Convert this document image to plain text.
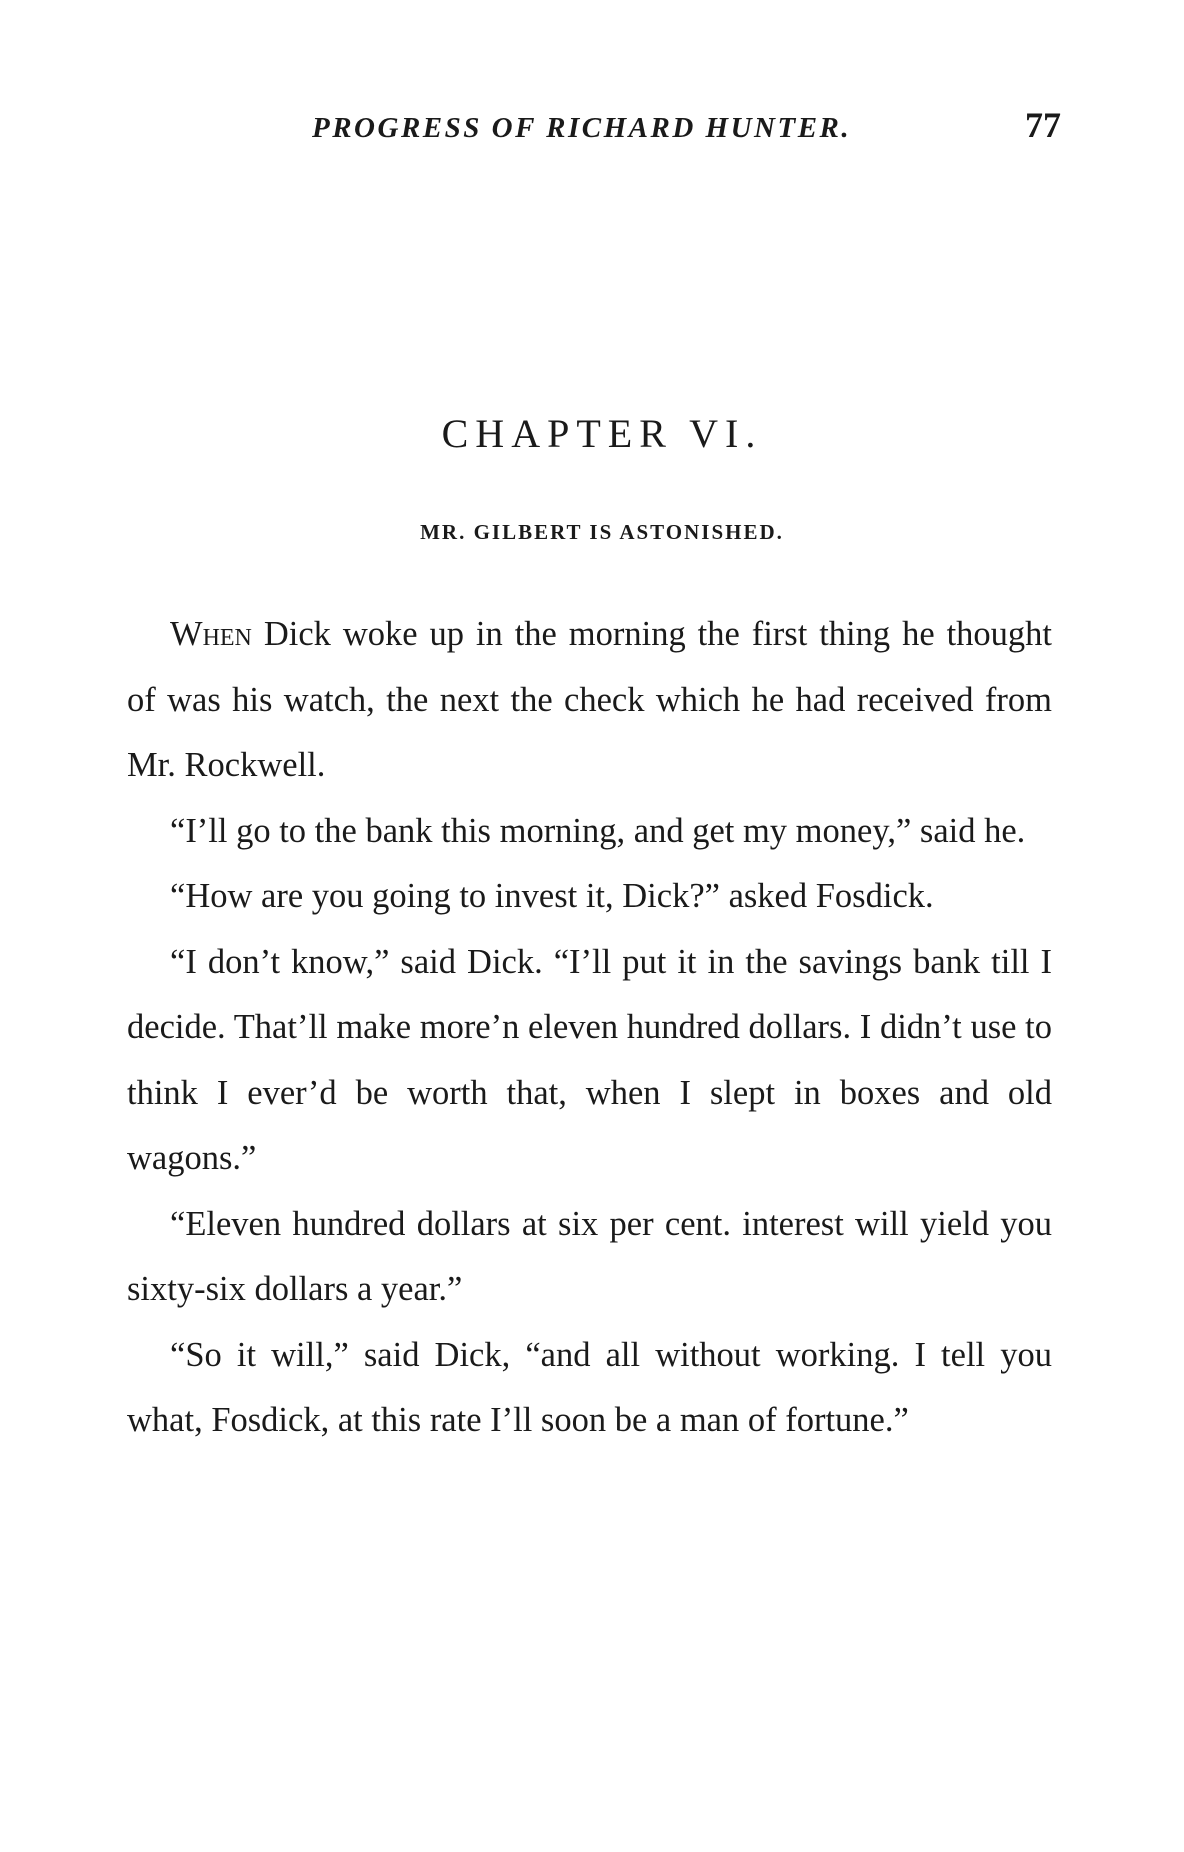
PROGRESS OF RICHARD HUNTER.	77
CHAPTER VI.
MR. GILBERT IS ASTONISHED.

When Dick woke up in the morning the first thing he thought of was his watch, the next the check which he had received from Mr. Rockwell.

“I’ll go to the bank this morning, and get my money,” said he.

“How are you going to invest it, Dick?” asked Fosdick.

“I don’t know,” said Dick. “I’ll put it in the savings bank till I decide. That’ll make more’n eleven hundred dollars. I didn’t use to think I ever’d be worth that, when I slept in boxes and old wagons.”

“Eleven hundred dollars at six per cent. interest will yield you sixty-six dollars a year.”

“So it will,” said Dick, “and all without working. I tell you what, Fosdick, at this rate I’ll soon be a man of fortune.”
